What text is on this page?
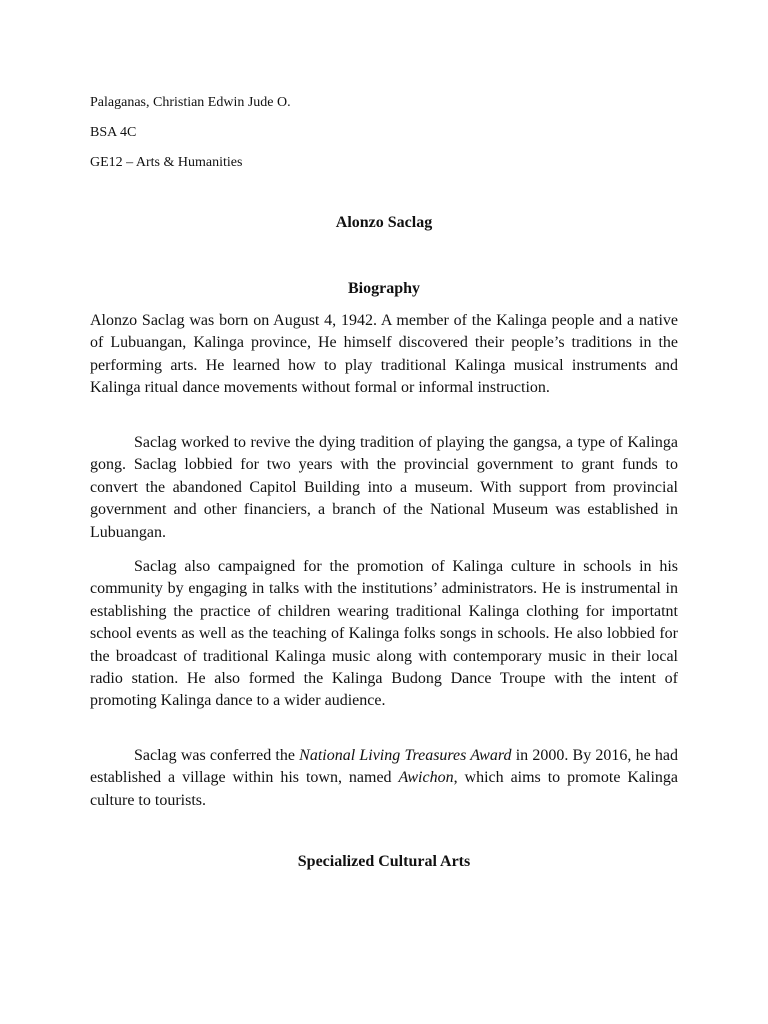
Palaganas, Christian Edwin Jude O.
BSA 4C
GE12 – Arts & Humanities
Alonzo Saclag
Biography

Alonzo Saclag was born on August 4, 1942. A member of the Kalinga people and a native of Lubuangan, Kalinga province, He himself discovered their people’s traditions in the performing arts. He learned how to play traditional Kalinga musical instruments and Kalinga ritual dance movements without formal or informal instruction.

Saclag worked to revive the dying tradition of playing the gangsa, a type of Kalinga gong. Saclag lobbied for two years with the provincial government to grant funds to convert the abandoned Capitol Building into a museum. With support from provincial government and other financiers, a branch of the National Museum was established in Lubuangan.

Saclag also campaigned for the promotion of Kalinga culture in schools in his community by engaging in talks with the institutions’ administrators. He is instrumental in establishing the practice of children wearing traditional Kalinga clothing for importatnt school events as well as the teaching of Kalinga folks songs in schools. He also lobbied for the broadcast of traditional Kalinga music along with contemporary music in their local radio station. He also formed the Kalinga Budong Dance Troupe with the intent of promoting Kalinga dance to a wider audience.

Saclag was conferred the National Living Treasures Award in 2000. By 2016, he had established a village within his town, named Awichon, which aims to promote Kalinga culture to tourists.

Specialized Cultural Arts
